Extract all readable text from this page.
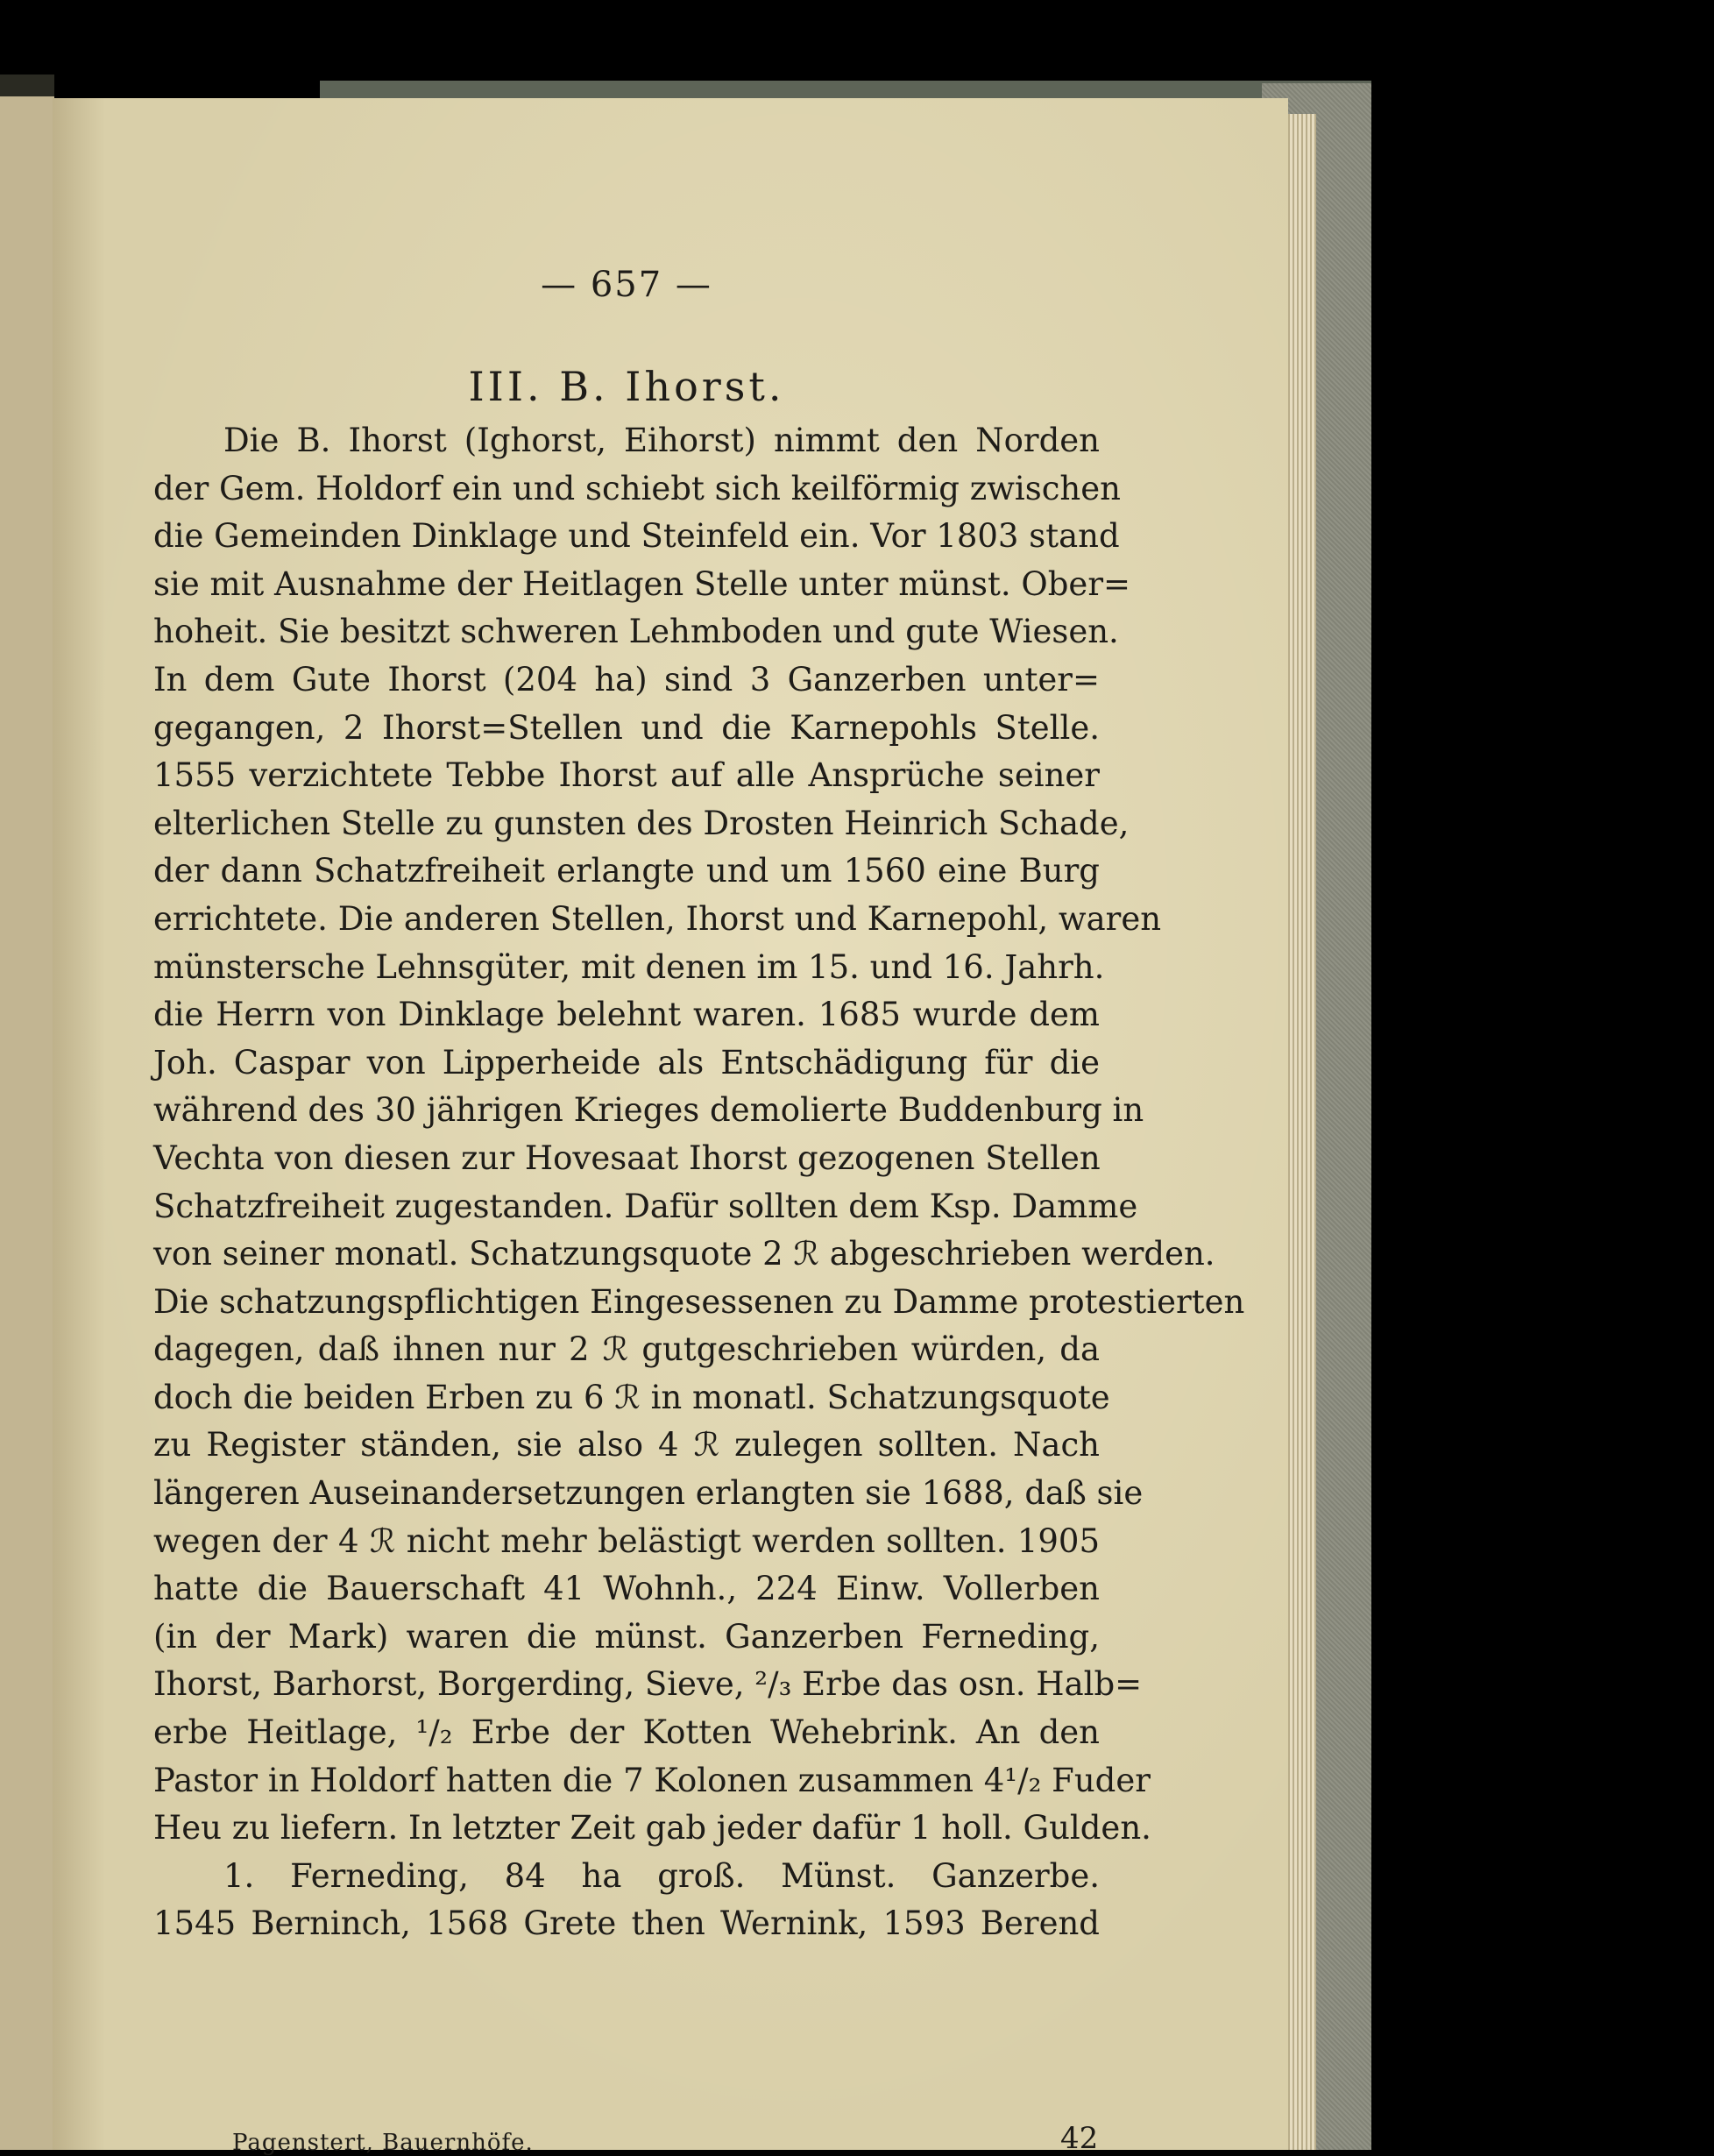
— 657 —
III. B. Ihorst.
Die B. Ihorst (Ighorst, Eihorst) nimmt den Norden
der Gem. Holdorf ein und schiebt sich keilförmig zwischen
die Gemeinden Dinklage und Steinfeld ein. Vor 1803 stand
sie mit Ausnahme der Heitlagen Stelle unter münst. Ober=
hoheit. Sie besitzt schweren Lehmboden und gute Wiesen.
In dem Gute Ihorst (204 ha) sind 3 Ganzerben unter=
gegangen, 2 Ihorst=Stellen und die Karnepohls Stelle.
1555 verzichtete Tebbe Ihorst auf alle Ansprüche seiner
elterlichen Stelle zu gunsten des Drosten Heinrich Schade,
der dann Schatzfreiheit erlangte und um 1560 eine Burg
errichtete. Die anderen Stellen, Ihorst und Karnepohl, waren
münstersche Lehnsgüter, mit denen im 15. und 16. Jahrh.
die Herrn von Dinklage belehnt waren. 1685 wurde dem
Joh. Caspar von Lipperheide als Entschädigung für die
während des 30 jährigen Krieges demolierte Buddenburg in
Vechta von diesen zur Hovesaat Ihorst gezogenen Stellen
Schatzfreiheit zugestanden. Dafür sollten dem Ksp. Damme
von seiner monatl. Schatzungsquote 2 ℛ abgeschrieben werden.
Die schatzungspflichtigen Eingesessenen zu Damme protestierten
dagegen, daß ihnen nur 2 ℛ gutgeschrieben würden, da
doch die beiden Erben zu 6 ℛ in monatl. Schatzungsquote
zu Register ständen, sie also 4 ℛ zulegen sollten. Nach
längeren Auseinandersetzungen erlangten sie 1688, daß sie
wegen der 4 ℛ nicht mehr belästigt werden sollten. 1905
hatte die Bauerschaft 41 Wohnh., 224 Einw. Vollerben
(in der Mark) waren die münst. Ganzerben Ferneding,
Ihorst, Barhorst, Borgerding, Sieve, ²/₃ Erbe das osn. Halb=
erbe Heitlage, ¹/₂ Erbe der Kotten Wehebrink. An den
Pastor in Holdorf hatten die 7 Kolonen zusammen 4¹/₂ Fuder
Heu zu liefern. In letzter Zeit gab jeder dafür 1 holl. Gulden.
1. Ferneding, 84 ha groß. Münst. Ganzerbe.
1545 Berninch, 1568 Grete then Wernink, 1593 Berend
Pagenstert, Bauernhöfe.	42
